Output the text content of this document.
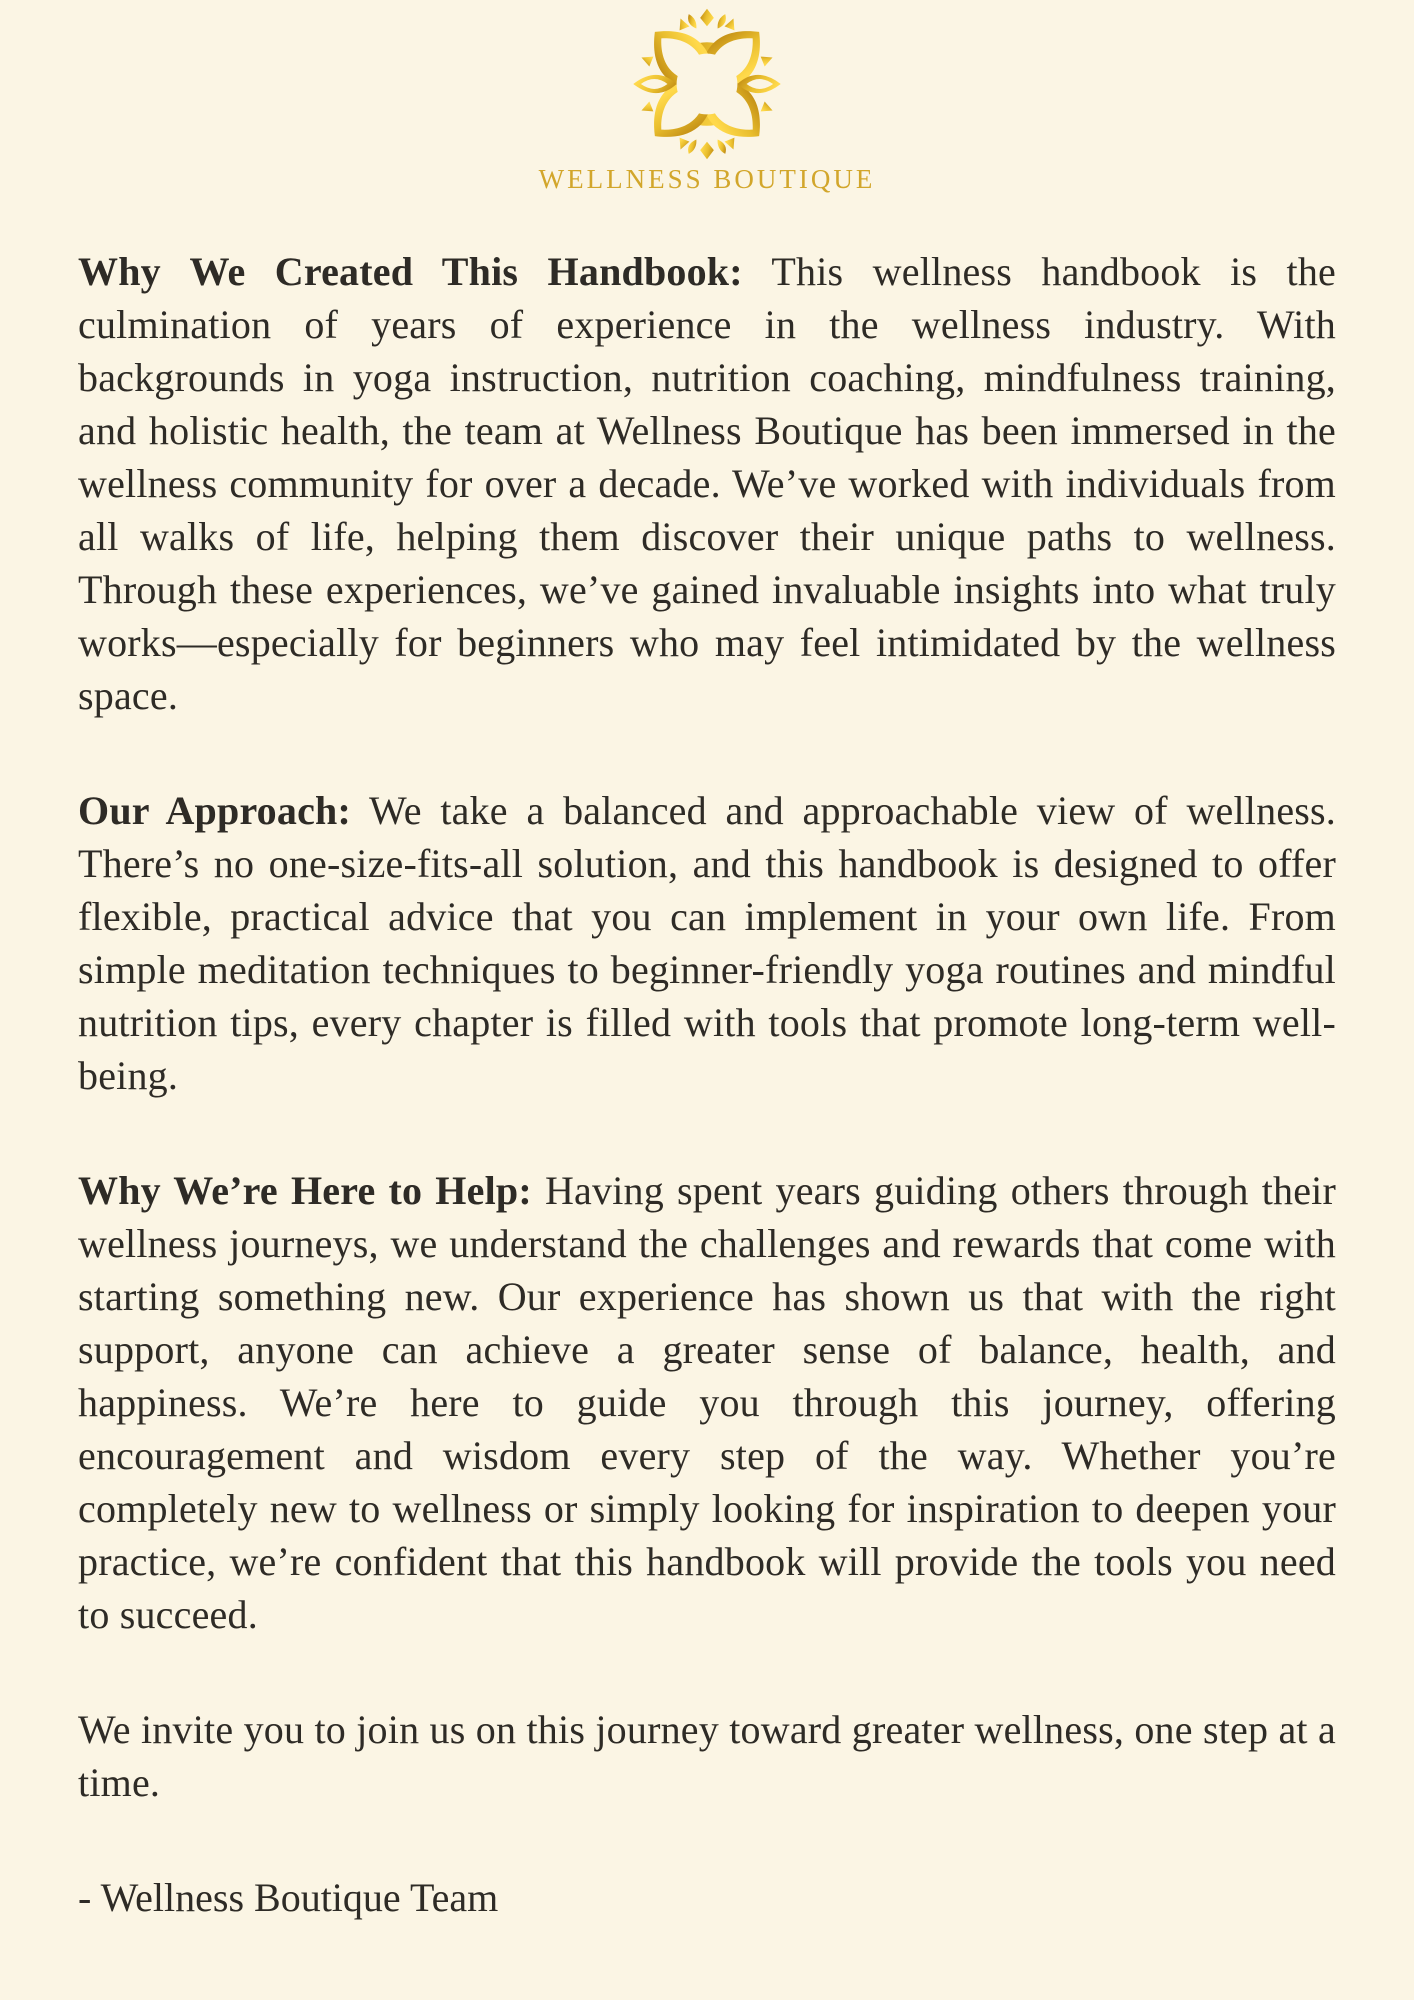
WELLNESS BOUTIQUE

Why We Created This Handbook: This wellness handbook is the culmination of years of experience in the wellness industry. With backgrounds in yoga instruction, nutrition coaching, mindfulness training, and holistic health, the team at Wellness Boutique has been immersed in the wellness community for over a decade. We’ve worked with individuals from all walks of life, helping them discover their unique paths to wellness. Through these experiences, we’ve gained invaluable insights into what truly works—especially for beginners who may feel intimidated by the wellness space.

Our Approach: We take a balanced and approachable view of wellness. There’s no one-size-fits-all solution, and this handbook is designed to offer flexible, practical advice that you can implement in your own life. From simple meditation techniques to beginner-friendly yoga routines and mindful nutrition tips, every chapter is filled with tools that promote long-term well-being.

Why We’re Here to Help: Having spent years guiding others through their wellness journeys, we understand the challenges and rewards that come with starting something new. Our experience has shown us that with the right support, anyone can achieve a greater sense of balance, health, and happiness. We’re here to guide you through this journey, offering encouragement and wisdom every step of the way. Whether you’re completely new to wellness or simply looking for inspiration to deepen your practice, we’re confident that this handbook will provide the tools you need to succeed.

We invite you to join us on this journey toward greater wellness, one step at a time.

- Wellness Boutique Team
